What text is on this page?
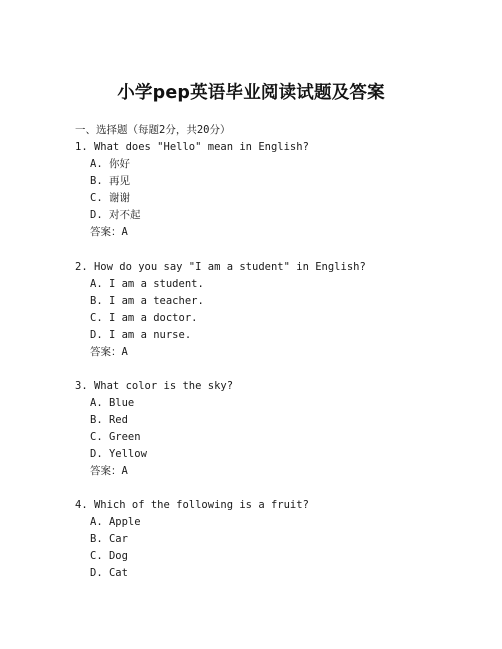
小学pep英语毕业阅读试题及答案
一、选择题（每题2分，共20分）
1. What does "Hello" mean in English?
A. 你好
B. 再见
C. 谢谢
D. 对不起
答案：A
2. How do you say "I am a student" in English?
A. I am a student.
B. I am a teacher.
C. I am a doctor.
D. I am a nurse.
答案：A
3. What color is the sky?
A. Blue
B. Red
C. Green
D. Yellow
答案：A
4. Which of the following is a fruit?
A. Apple
B. Car
C. Dog
D. Cat
